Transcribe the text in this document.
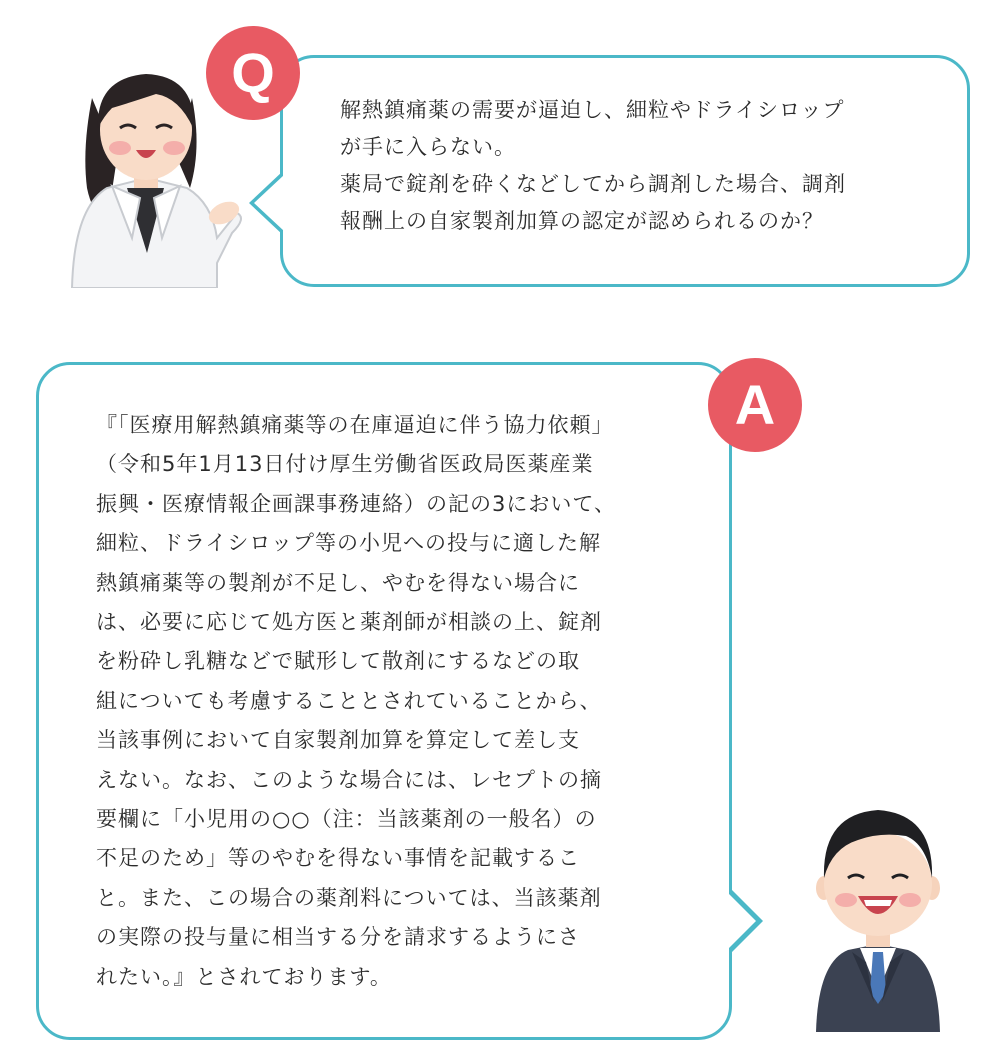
Q

解熱鎮痛薬の需要が逼迫し、細粒やドライシロップ
が手に入らない。
薬局で錠剤を砕くなどしてから調剤した場合、調剤
報酬上の自家製剤加算の認定が認められるのか？

A

『「医療用解熱鎮痛薬等の在庫逼迫に伴う協力依頼」
（令和5年1月13日付け厚生労働省医政局医薬産業
振興・医療情報企画課事務連絡）の記の3において、
細粒、ドライシロップ等の小児への投与に適した解
熱鎮痛薬等の製剤が不足し、やむを得ない場合に
は、必要に応じて処方医と薬剤師が相談の上、錠剤
を粉砕し乳糖などで賦形して散剤にするなどの取
組についても考慮することとされていることから、
当該事例において自家製剤加算を算定して差し支
えない。なお、このような場合には、レセプトの摘
要欄に「小児用の○○（注：当該薬剤の一般名）の
不足のため」等のやむを得ない事情を記載するこ
と。また、この場合の薬剤料については、当該薬剤
の実際の投与量に相当する分を請求するようにさ
れたい。』とされております。
